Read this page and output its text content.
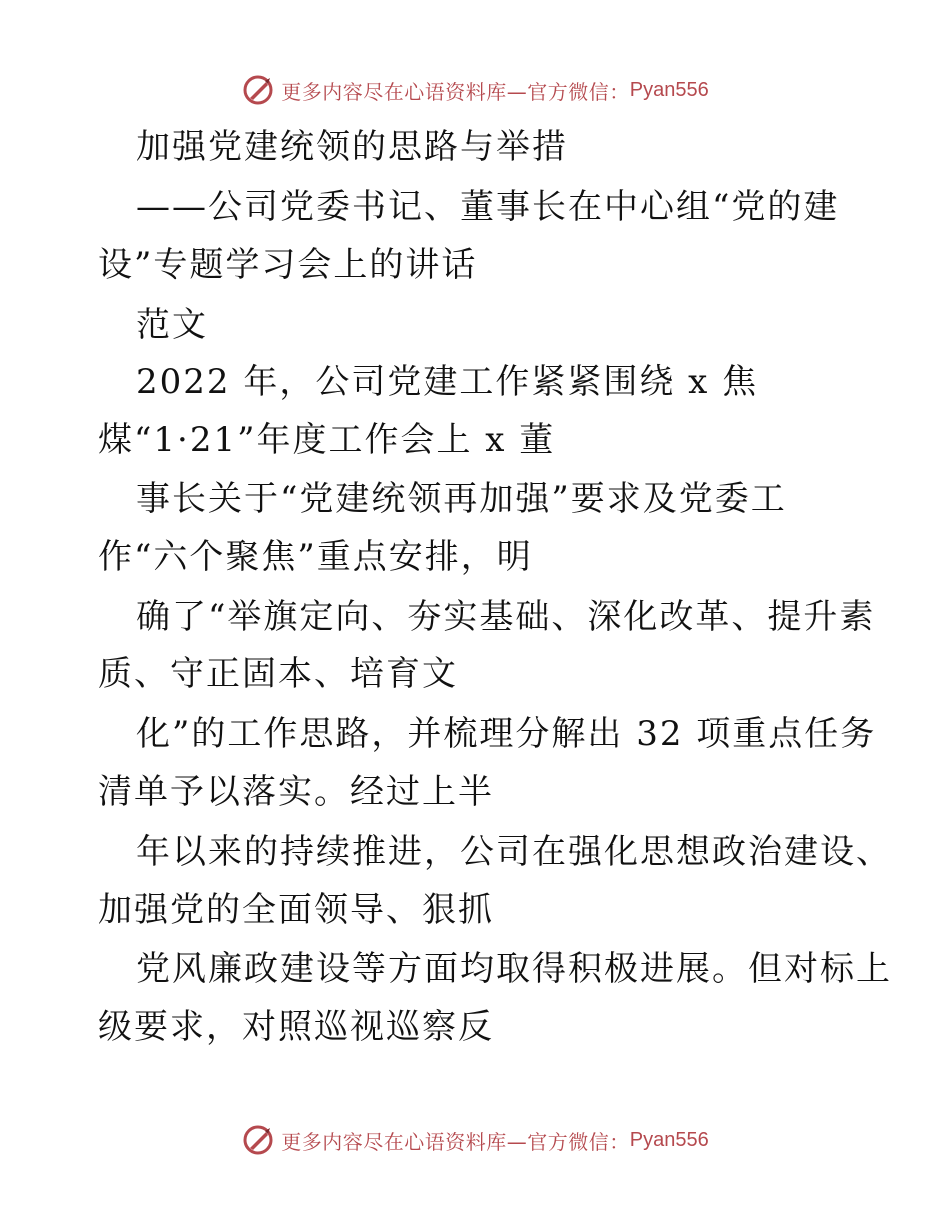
更多内容尽在心语资料库—官方微信： Pyan556
加强党建统领的思路与举措
——公司党委书记、董事长在中心组“党的建
设”专题学习会上的讲话
范文
2022 年，公司党建工作紧紧围绕 x 焦
煤“1·21”年度工作会上 x 董
事长关于“党建统领再加强”要求及党委工
作“六个聚焦”重点安排，明
确了“举旗定向、夯实基础、深化改革、提升素
质、守正固本、培育文
化”的工作思路，并梳理分解出 32 项重点任务
清单予以落实。经过上半
年以来的持续推进，公司在强化思想政治建设、
加强党的全面领导、狠抓
党风廉政建设等方面均取得积极进展。但对标上
级要求，对照巡视巡察反
更多内容尽在心语资料库—官方微信： Pyan556
